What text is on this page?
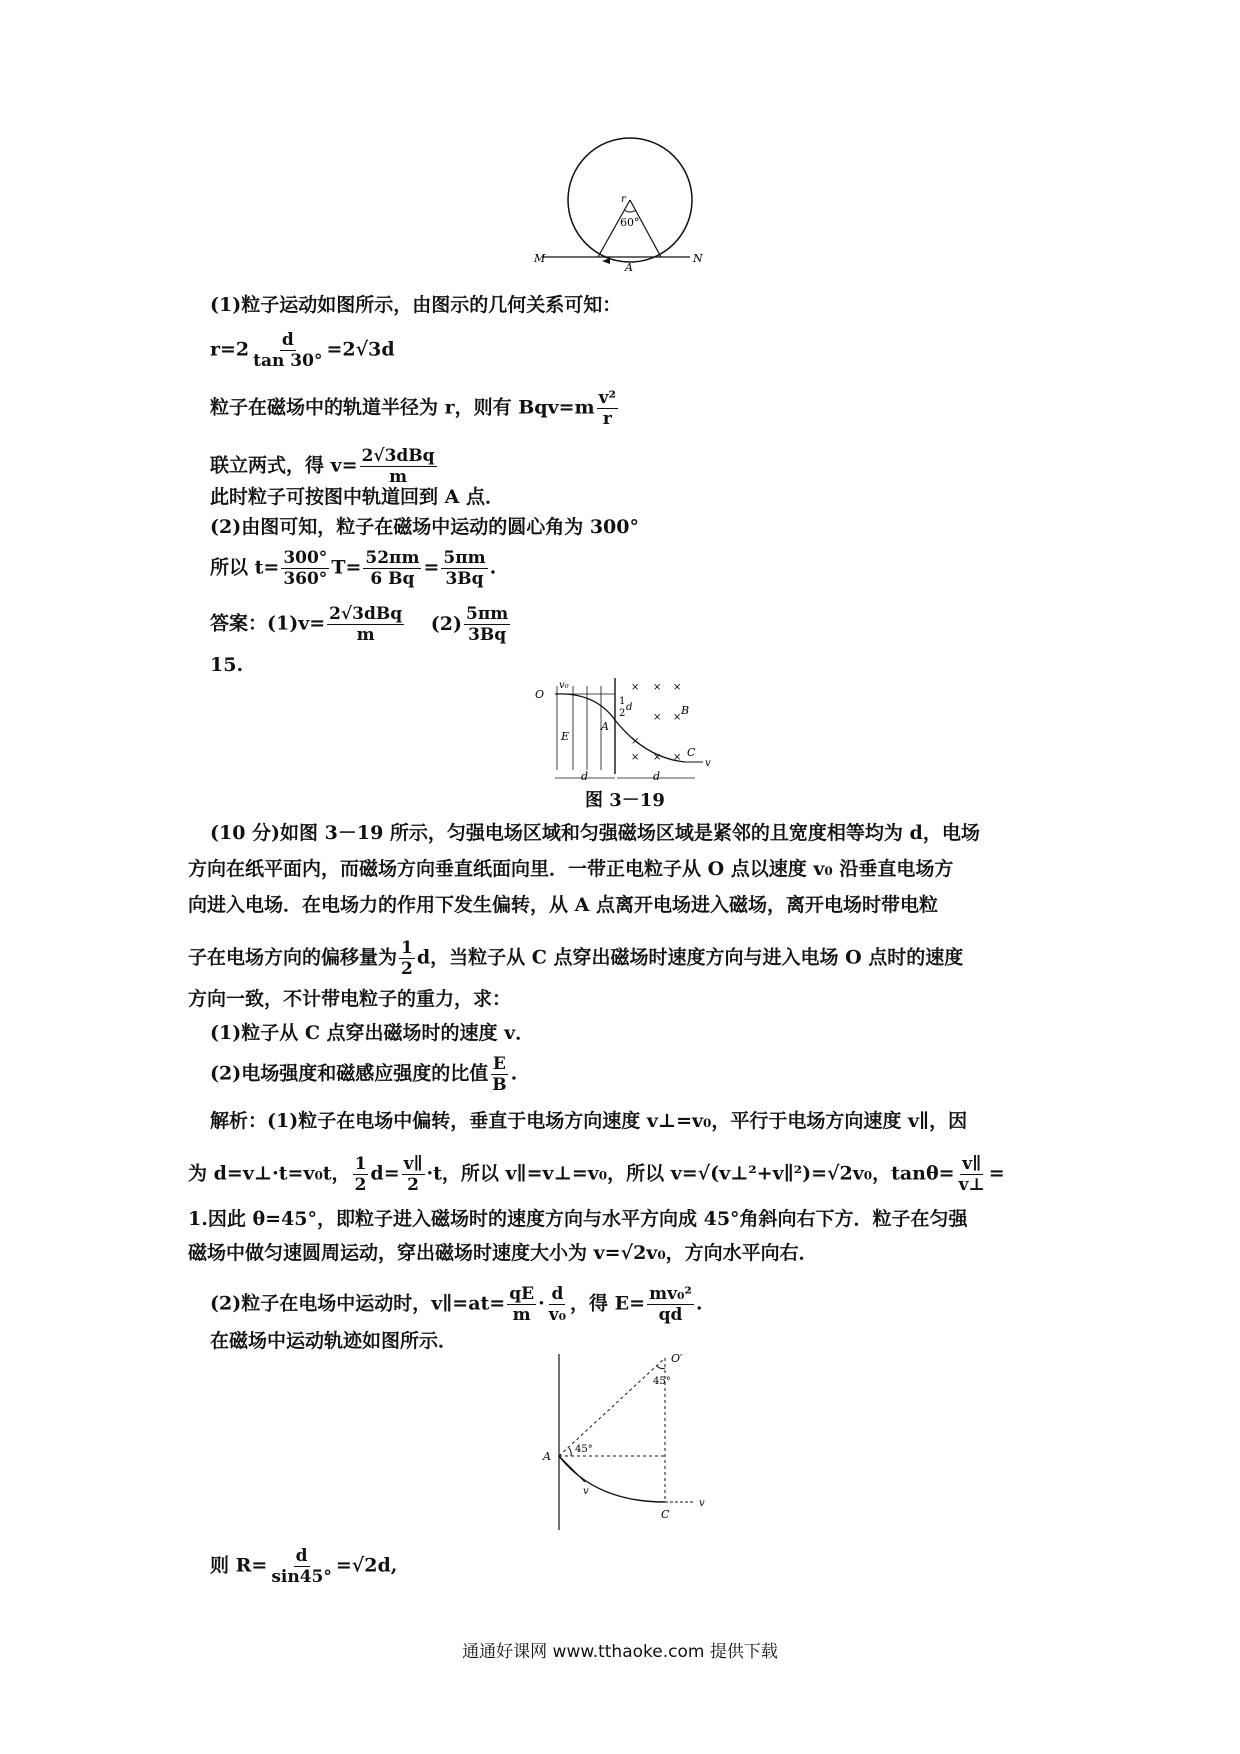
r
60°
M	N
A
(1)粒子运动如图所示，由图示的几何关系可知：
$r=2 \frac{d}{\tan 30^\circ} =2√3d$
粒子在磁场中的轨道半径为 r，则有 $Bqv=m \frac{\text{v²}}{r}$
联立两式，得 $v= \frac{\text{2√3dBq}}{m}$
此时粒子可按图中轨道回到 A 点．
(2)由图可知，粒子在磁场中运动的圆心角为 300°
所以 $t= \frac{300^\circ}{360^\circ} T= \frac{52\pi m}{6 Bq} = \frac{5\pi m}{3Bq}$ .
答案：$(1)v= \frac{\text{2√3dBq}}{m} (2) \frac{5\pi m}{3Bq}$
15.
O
v₀
1
2
d	B
E
A
C
v
× × ×
× ×
×
× × ×
d	d
图 3－19
(10 分)如图 3－19 所示，匀强电场区域和匀强磁场区域是紧邻的且宽度相等均为 d，电场
方向在纸平面内，而磁场方向垂直纸面向里．一带正电粒子从 O 点以速度 v₀ 沿垂直电场方
向进入电场．在电场力的作用下发生偏转，从 A 点离开电场进入磁场，离开电场时带电粒
子在电场方向的偏移量为 $\frac{1}{2}$ d，当粒子从 C 点穿出磁场时速度方向与进入电场 O 点时的速度
方向一致，不计带电粒子的重力，求：
(1)粒子从 C 点穿出磁场时的速度 v．
(2)电场强度和磁感应强度的比值 $\frac{E}{B}$ .
解析：(1)粒子在电场中偏转，垂直于电场方向速度 v⊥=v₀，平行于电场方向速度 v∥，因
为 d=v⊥·t=v₀t， $\frac{1}{2} d= \frac{v\parallel}{2} \cdot t$，所以 v∥=v⊥=v₀，所以 v=√(v⊥²+v∥²)=√2v₀，$\tan\theta= \frac{v\parallel}{v\perp}$ =
1.因此 θ=45°，即粒子进入磁场时的速度方向与水平方向成 45°角斜向右下方．粒子在匀强
磁场中做匀速圆周运动，穿出磁场时速度大小为 v=√2v₀，方向水平向右．
(2)粒子在电场中运动时，v∥=at= $\frac{qE}{m} \cdot \frac{d}{\text{v₀}}$ ，得 $E= \frac{\text{mv₀²}}{qd}$ .
在磁场中运动轨迹如图所示．
O′
45°
A
45°
v
v
C
则 $R= \frac{d}{\sin 45^\circ} =√2d$,
通通好课网 www.tthaoke.com 提供下载
